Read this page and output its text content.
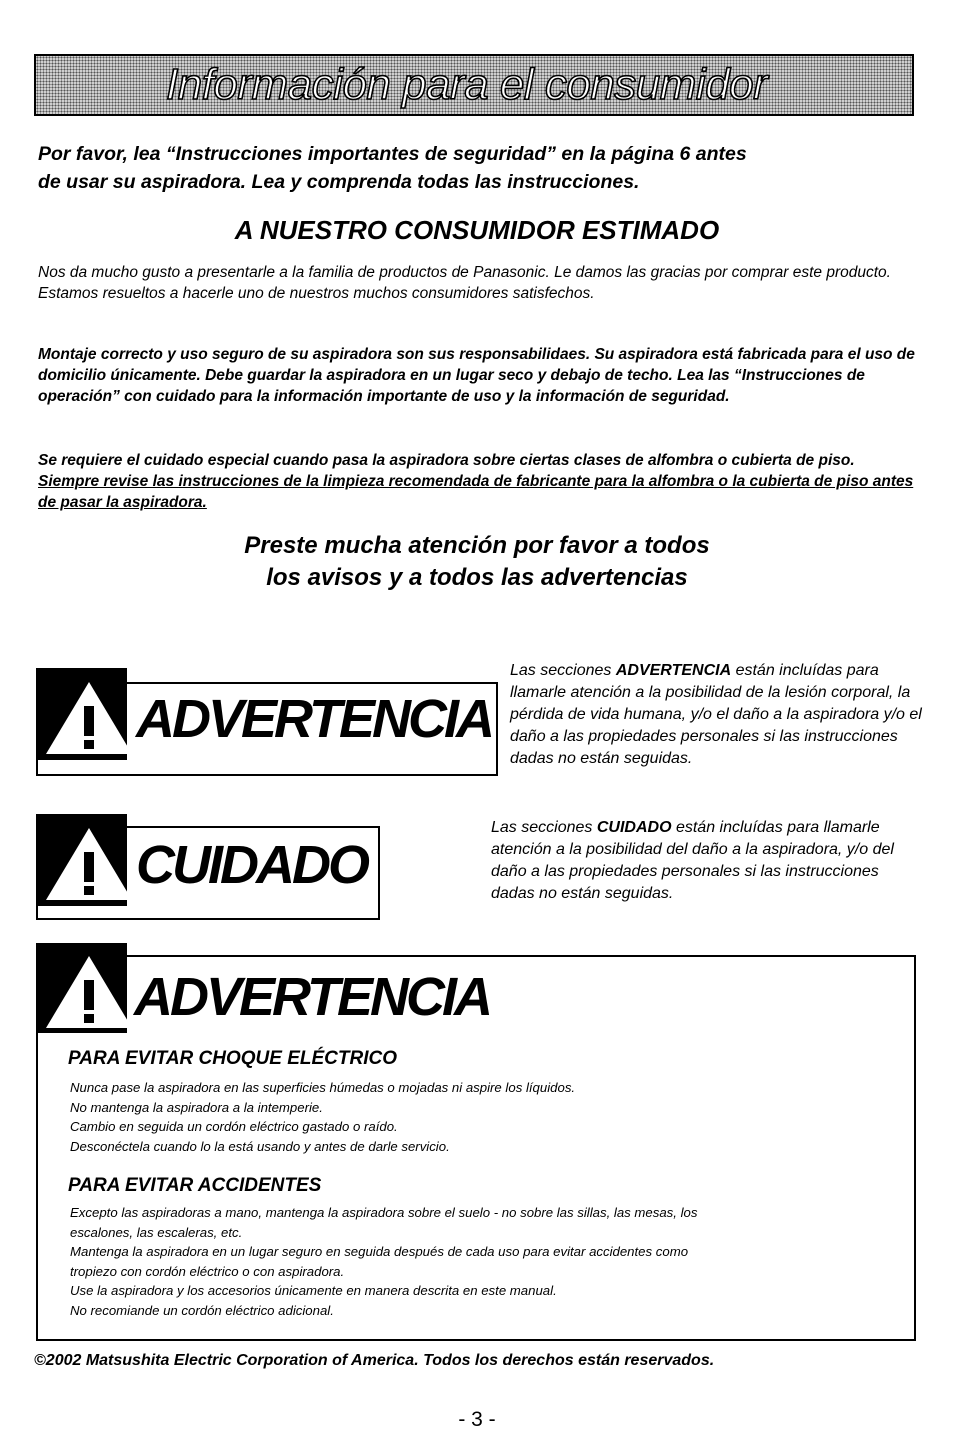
Información para el consumidor
Por favor, lea “Instrucciones importantes de seguridad” en la página 6 antes
de usar su aspiradora. Lea y comprenda todas las instrucciones.
A NUESTRO CONSUMIDOR ESTIMADO
Nos da mucho gusto a presentarle a la familia de productos de Panasonic. Le damos las gracias por comprar este producto. Estamos resueltos a hacerle uno de nuestros muchos consumidores satisfechos.
Montaje correcto y uso seguro de su aspiradora son sus responsabilidaes. Su aspiradora está fabricada para el uso de domicilio únicamente. Debe guardar la aspiradora en un lugar seco y debajo de techo. Lea las “Instrucciones de operación” con cuidado para la información importante de uso y la información de seguridad.
Se requiere el cuidado especial cuando pasa la aspiradora sobre ciertas clases de alfombra o cubierta de piso. Siempre revise las instrucciones de la limpieza recomendada de fabricante para la alfombra o la cubierta de piso antes de pasar la aspiradora.
Preste mucha atención por favor a todos
los avisos y a todos las advertencias
ADVERTENCIA
Las secciones ADVERTENCIA están incluídas para llamarle atención a la posibilidad de la lesión corporal, la pérdida de vida humana, y/o el daño a la aspiradora y/o el daño a las propiedades personales si las instrucciones dadas no están seguidas.
CUIDADO
Las secciones CUIDADO están incluídas para llamarle atención a la posibilidad del daño a la aspiradora, y/o del daño a las propiedades personales si las instrucciones dadas no están seguidas.
ADVERTENCIA
PARA EVITAR CHOQUE ELÉCTRICO
Nunca pase la aspiradora en las superficies húmedas o mojadas ni aspire los líquidos.
No mantenga la aspiradora a la intemperie.
Cambio en seguida un cordón eléctrico gastado o raído.
Desconéctela cuando lo la está usando y antes de darle servicio.
PARA EVITAR ACCIDENTES
Excepto las aspiradoras a mano, mantenga la aspiradora sobre el suelo - no sobre las sillas, las mesas, los
escalones, las escaleras, etc.
Mantenga la aspiradora en un lugar seguro en seguida después de cada uso para evitar accidentes como
tropiezo con cordón eléctrico o con aspiradora.
Use la aspiradora y los accesorios únicamente en manera descrita en este manual.
No recomiande un cordón eléctrico adicional.
©2002 Matsushita Electric Corporation of America. Todos los derechos están reservados.
- 3 -
